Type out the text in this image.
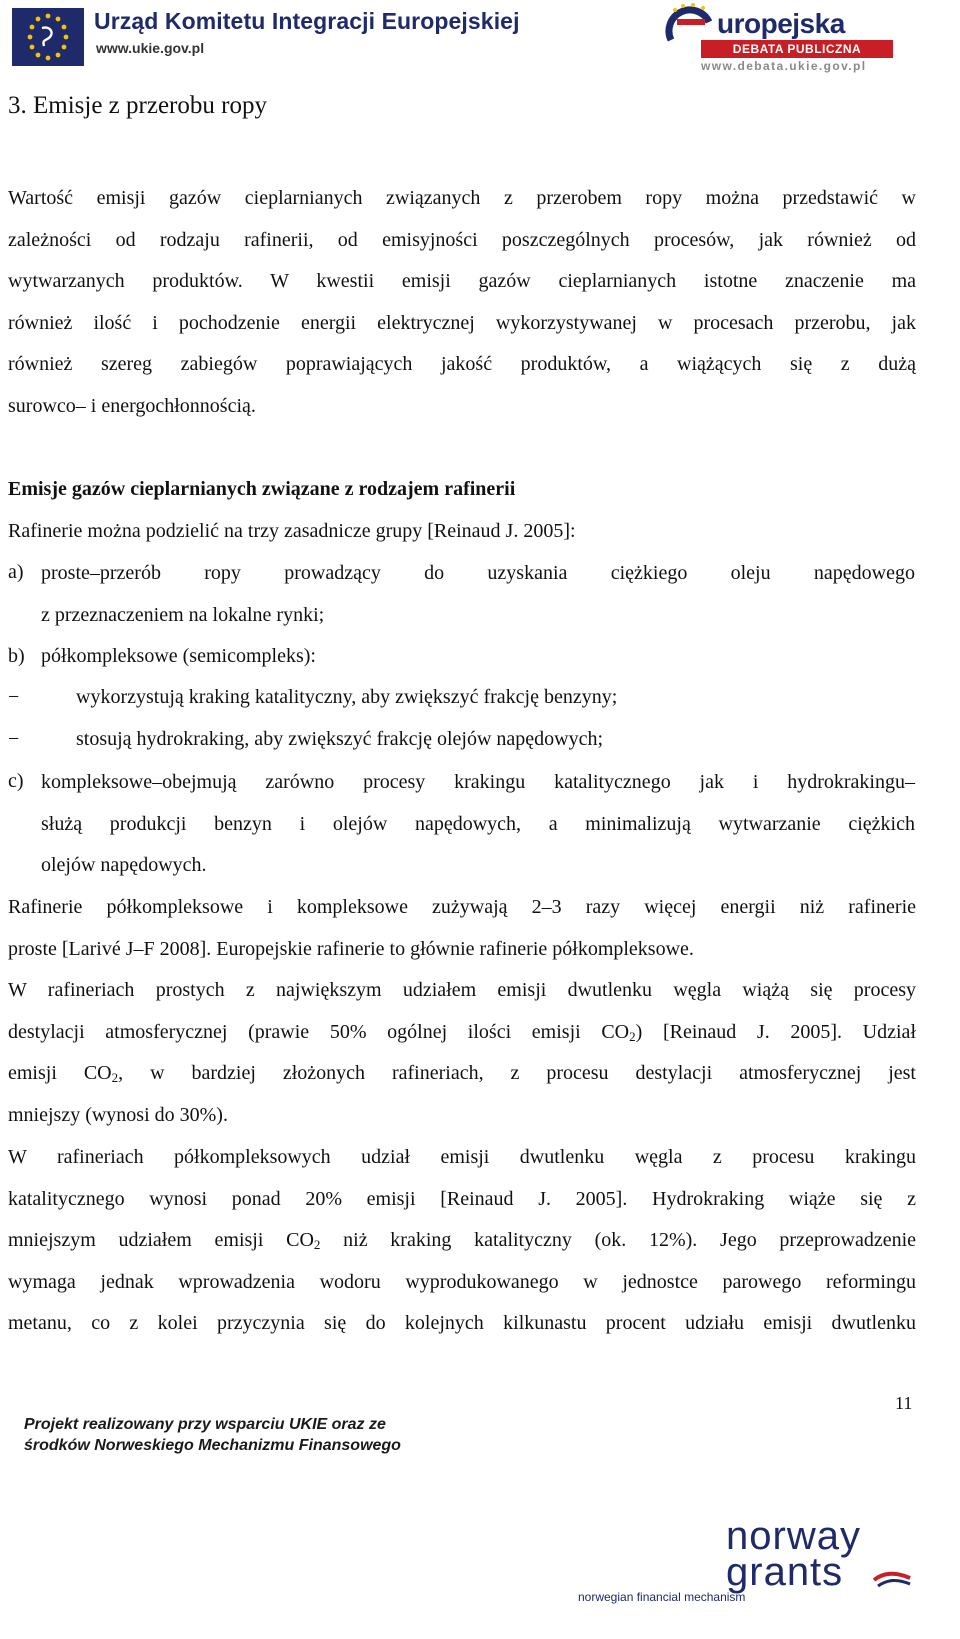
Urząd Komitetu Integracji Europejskiej
www.ukie.gov.pl
uropejska
DEBATA PUBLICZNA
www.debata.ukie.gov.pl
3. Emisje z przerobu ropy
Wartość emisji gazów cieplarnianych związanych z przerobem ropy można przedstawić w
zależności od rodzaju rafinerii, od emisyjności poszczególnych procesów, jak również od
wytwarzanych produktów. W kwestii emisji gazów cieplarnianych istotne znaczenie ma
również ilość i pochodzenie energii elektrycznej wykorzystywanej w procesach przerobu, jak
również szereg zabiegów poprawiających jakość produktów, a wiążących się z dużą
surowco– i energochłonnością.
Emisje gazów cieplarnianych związane z rodzajem rafinerii
Rafinerie można podzielić na trzy zasadnicze grupy [Reinaud J. 2005]:
a) proste–przerób ropy prowadzący do uzyskania ciężkiego oleju napędowego
z przeznaczeniem na lokalne rynki;
b) półkompleksowe (semicompleks):
−	wykorzystują kraking katalityczny, aby zwiększyć frakcję benzyny;
−	stosują hydrokraking, aby zwiększyć frakcję olejów napędowych;
c) kompleksowe–obejmują zarówno procesy krakingu katalitycznego jak i hydrokrakingu–
służą produkcji benzyn i olejów napędowych, a minimalizują wytwarzanie ciężkich
olejów napędowych.
Rafinerie półkompleksowe i kompleksowe zużywają 2–3 razy więcej energii niż rafinerie
proste [Larivé J–F 2008]. Europejskie rafinerie to głównie rafinerie półkompleksowe.
W rafineriach prostych z największym udziałem emisji dwutlenku węgla wiążą się procesy
destylacji atmosferycznej (prawie 50% ogólnej ilości emisji $CO_2$) [Reinaud J. 2005]. Udział
emisji $CO_2$, w bardziej złożonych rafineriach, z procesu destylacji atmosferycznej jest
mniejszy (wynosi do 30%).
W rafineriach półkompleksowych udział emisji dwutlenku węgla z procesu krakingu
katalitycznego wynosi ponad 20% emisji [Reinaud J. 2005]. Hydrokraking wiąże się z
mniejszym udziałem emisji $CO_2$ niż kraking katalityczny (ok. 12%). Jego przeprowadzenie
wymaga jednak wprowadzenia wodoru wyprodukowanego w jednostce parowego reformingu
metanu, co z kolei przyczynia się do kolejnych kilkunastu procent udziału emisji dwutlenku
11
Projekt realizowany przy wsparciu UKIE oraz ze
środków Norweskiego Mechanizmu Finansowego
norway
grants
norwegian financial mechanism
